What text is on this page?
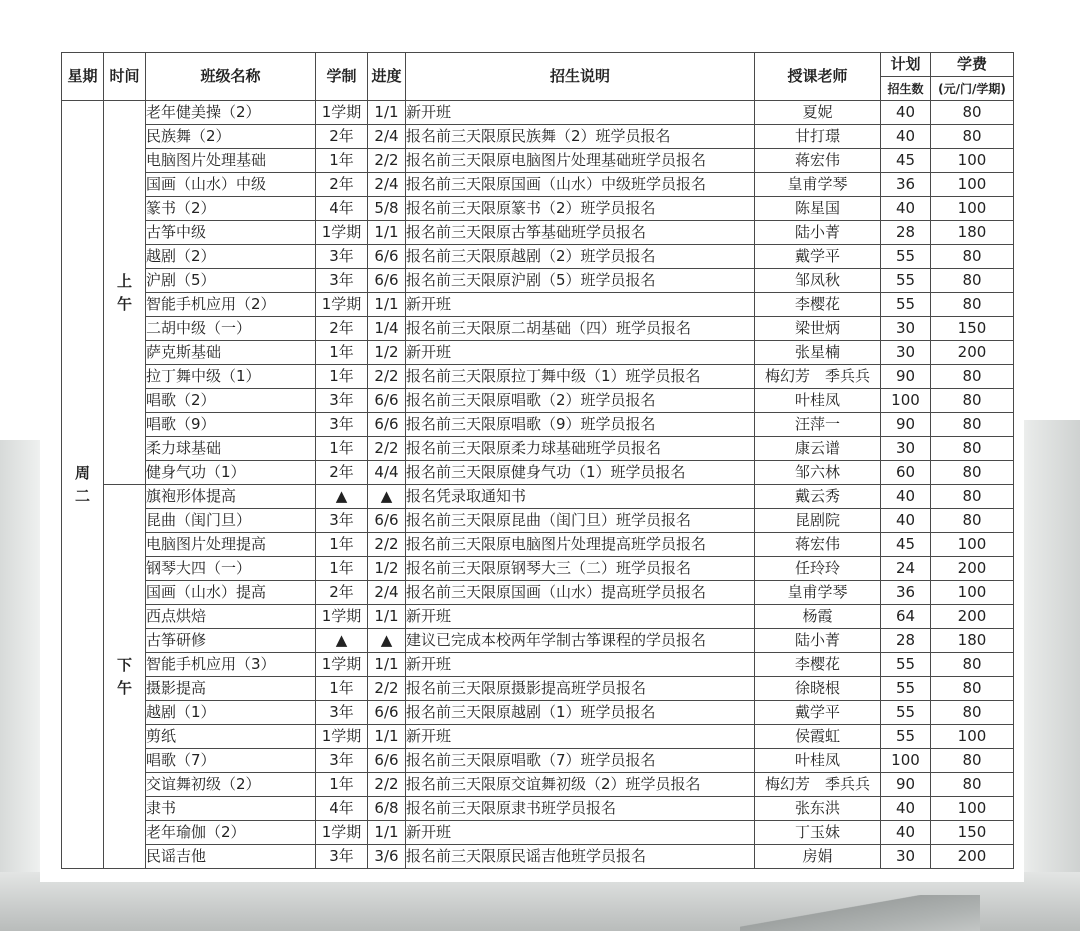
星期	时间	班级名称	学制	进度	招生说明	授课老师	计划	学费
							招生数	(元/门/学期)
周二	上午	老年健美操（2）	1学期	1/1	新开班	夏妮	40	80
		民族舞（2）	2年	2/4	报名前三天限原民族舞（2）班学员报名	甘打璟	40	80
		电脑图片处理基础	1年	2/2	报名前三天限原电脑图片处理基础班学员报名	蒋宏伟	45	100
		国画（山水）中级	2年	2/4	报名前三天限原国画（山水）中级班学员报名	皇甫学琴	36	100
		篆书（2）	4年	5/8	报名前三天限原篆书（2）班学员报名	陈星国	40	100
		古筝中级	1学期	1/1	报名前三天限原古筝基础班学员报名	陆小菁	28	180
		越剧（2）	3年	6/6	报名前三天限原越剧（2）班学员报名	戴学平	55	80
		沪剧（5）	3年	6/6	报名前三天限原沪剧（5）班学员报名	邹凤秋	55	80
		智能手机应用（2）	1学期	1/1	新开班	李樱花	55	80
		二胡中级（一）	2年	1/4	报名前三天限原二胡基础（四）班学员报名	梁世炳	30	150
		萨克斯基础	1年	1/2	新开班	张星楠	30	200
		拉丁舞中级（1）	1年	2/2	报名前三天限原拉丁舞中级（1）班学员报名	梅幻芳　季兵兵	90	80
		唱歌（2）	3年	6/6	报名前三天限原唱歌（2）班学员报名	叶桂凤	100	80
		唱歌（9）	3年	6/6	报名前三天限原唱歌（9）班学员报名	汪萍一	90	80
		柔力球基础	1年	2/2	报名前三天限原柔力球基础班学员报名	康云谱	30	80
		健身气功（1）	2年	4/4	报名前三天限原健身气功（1）班学员报名	邹六林	60	80
	下午	旗袍形体提高	▲	▲	报名凭录取通知书	戴云秀	40	80
		昆曲（闺门旦）	3年	6/6	报名前三天限原昆曲（闺门旦）班学员报名	昆剧院	40	80
		电脑图片处理提高	1年	2/2	报名前三天限原电脑图片处理提高班学员报名	蒋宏伟	45	100
		钢琴大四（一）	1年	1/2	报名前三天限原钢琴大三（二）班学员报名	任玲玲	24	200
		国画（山水）提高	2年	2/4	报名前三天限原国画（山水）提高班学员报名	皇甫学琴	36	100
		西点烘焙	1学期	1/1	新开班	杨霞	64	200
		古筝研修	▲	▲	建议已完成本校两年学制古筝课程的学员报名	陆小菁	28	180
		智能手机应用（3）	1学期	1/1	新开班	李樱花	55	80
		摄影提高	1年	2/2	报名前三天限原摄影提高班学员报名	徐晓根	55	80
		越剧（1）	3年	6/6	报名前三天限原越剧（1）班学员报名	戴学平	55	80
		剪纸	1学期	1/1	新开班	侯霞虹	55	100
		唱歌（7）	3年	6/6	报名前三天限原唱歌（7）班学员报名	叶桂凤	100	80
		交谊舞初级（2）	1年	2/2	报名前三天限原交谊舞初级（2）班学员报名	梅幻芳　季兵兵	90	80
		隶书	4年	6/8	报名前三天限原隶书班学员报名	张东洪	40	100
		老年瑜伽（2）	1学期	1/1	新开班	丁玉妹	40	150
		民谣吉他	3年	3/6	报名前三天限原民谣吉他班学员报名	房娟	30	200
